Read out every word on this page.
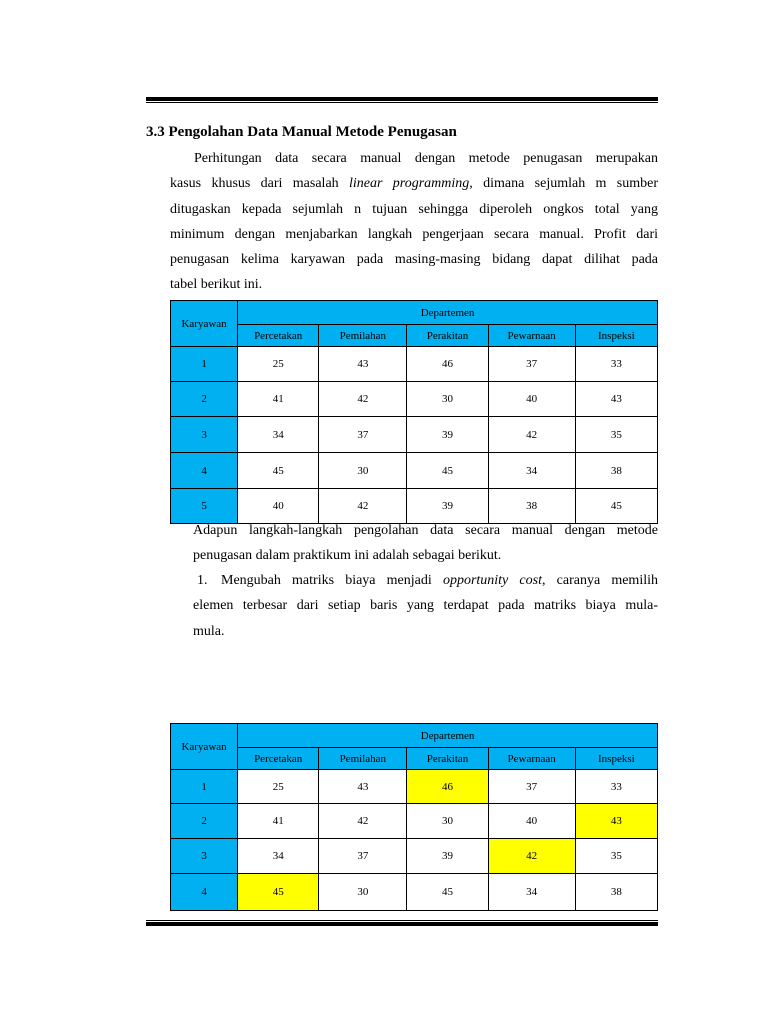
3.3 Pengolahan Data Manual Metode Penugasan
Perhitungan data secara manual dengan metode penugasan merupakan
kasus khusus dari masalah linear programming, dimana sejumlah m sumber
ditugaskan kepada sejumlah n tujuan sehingga diperoleh ongkos total yang
minimum dengan menjabarkan langkah pengerjaan secara manual. Profit dari
penugasan kelima karyawan pada masing-masing bidang dapat dilihat pada
tabel berikut ini.
Karyawan	Departemen				
	Percetakan	Pemilahan	Perakitan	Pewarnaan	Inspeksi
1	25	43	46	37	33
2	41	42	30	40	43
3	34	37	39	42	35
4	45	30	45	34	38
5	40	42	39	38	45
Adapun langkah-langkah pengolahan data secara manual dengan metode
penugasan dalam praktikum ini adalah sebagai berikut.
1. Mengubah matriks biaya menjadi opportunity cost, caranya memilih
elemen terbesar dari setiap baris yang terdapat pada matriks biaya mula-
mula.
Karyawan	Departemen				
	Percetakan	Pemilahan	Perakitan	Pewarnaan	Inspeksi
1	25	43	46	37	33
2	41	42	30	40	43
3	34	37	39	42	35
4	45	30	45	34	38
